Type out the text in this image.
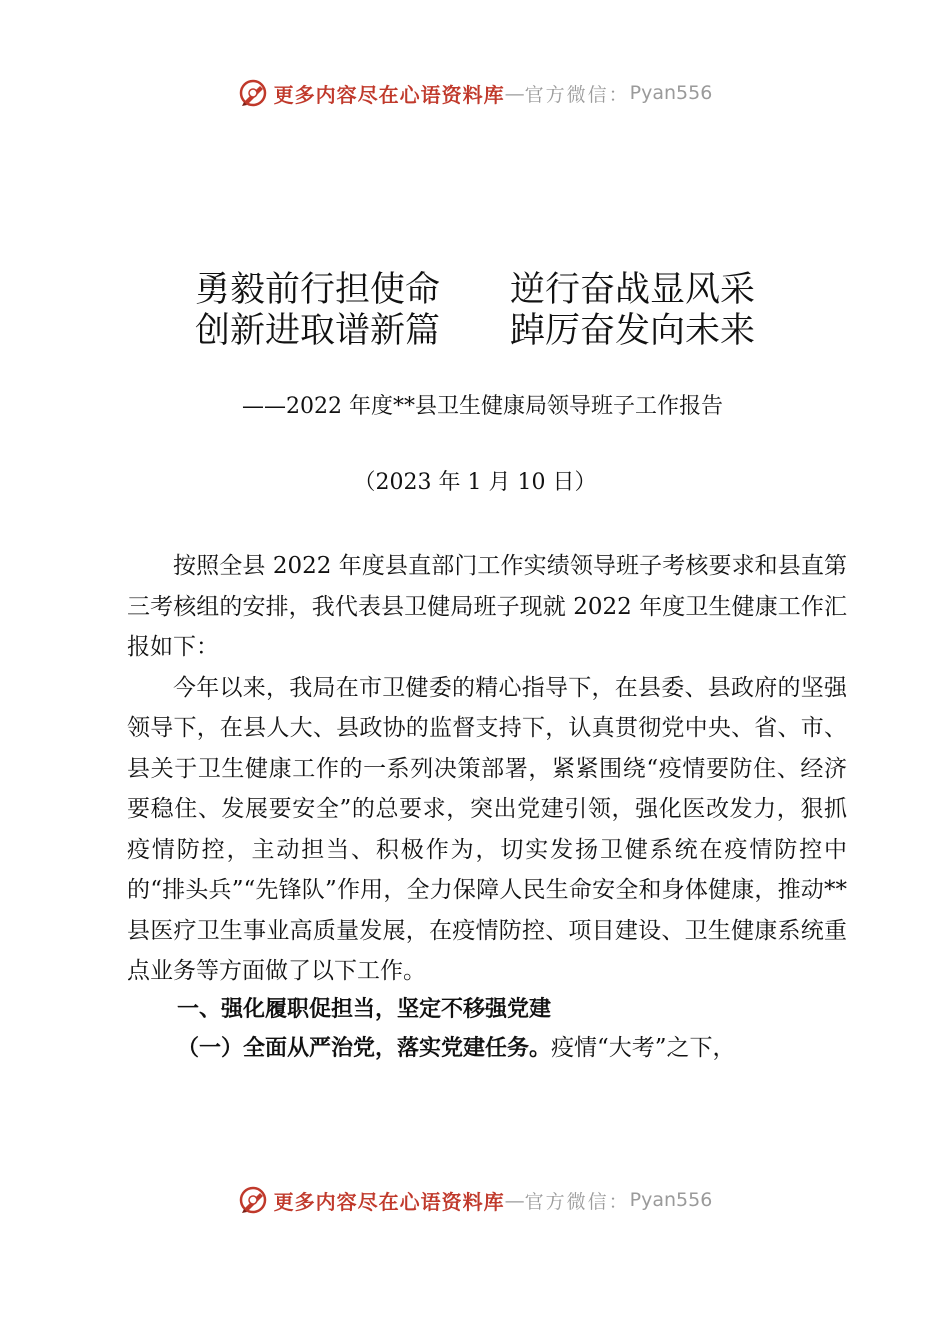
更多内容尽在心语资料库 — 官方微信： Pyan556
勇毅前行担使命　　逆行奋战显风采
创新进取谱新篇　　踔厉奋发向未来
——2022 年度**县卫生健康局领导班子工作报告
（2023 年 1 月 10 日）

按照全县 2022 年度县直部门工作实绩领导班子考核要求和县直第三考核组的安排，我代表县卫健局班子现就 2022 年度卫生健康工作汇报如下：

今年以来，我局在市卫健委的精心指导下，在县委、县政府的坚强领导下，在县人大、县政协的监督支持下，认真贯彻党中央、省、市、县关于卫生健康工作的一系列决策部署，紧紧围绕“疫情要防住、经济要稳住、发展要安全”的总要求，突出党建引领，强化医改发力，狠抓疫情防控，主动担当、积极作为，切实发扬卫健系统在疫情防控中的“排头兵”“先锋队”作用，全力保障人民生命安全和身体健康，推动**县医疗卫生事业高质量发展，在疫情防控、项目建设、卫生健康系统重点业务等方面做了以下工作。

一、强化履职促担当，坚定不移强党建

（一）全面从严治党，落实党建任务。疫情“大考”之下，

更多内容尽在心语资料库 — 官方微信： Pyan556
